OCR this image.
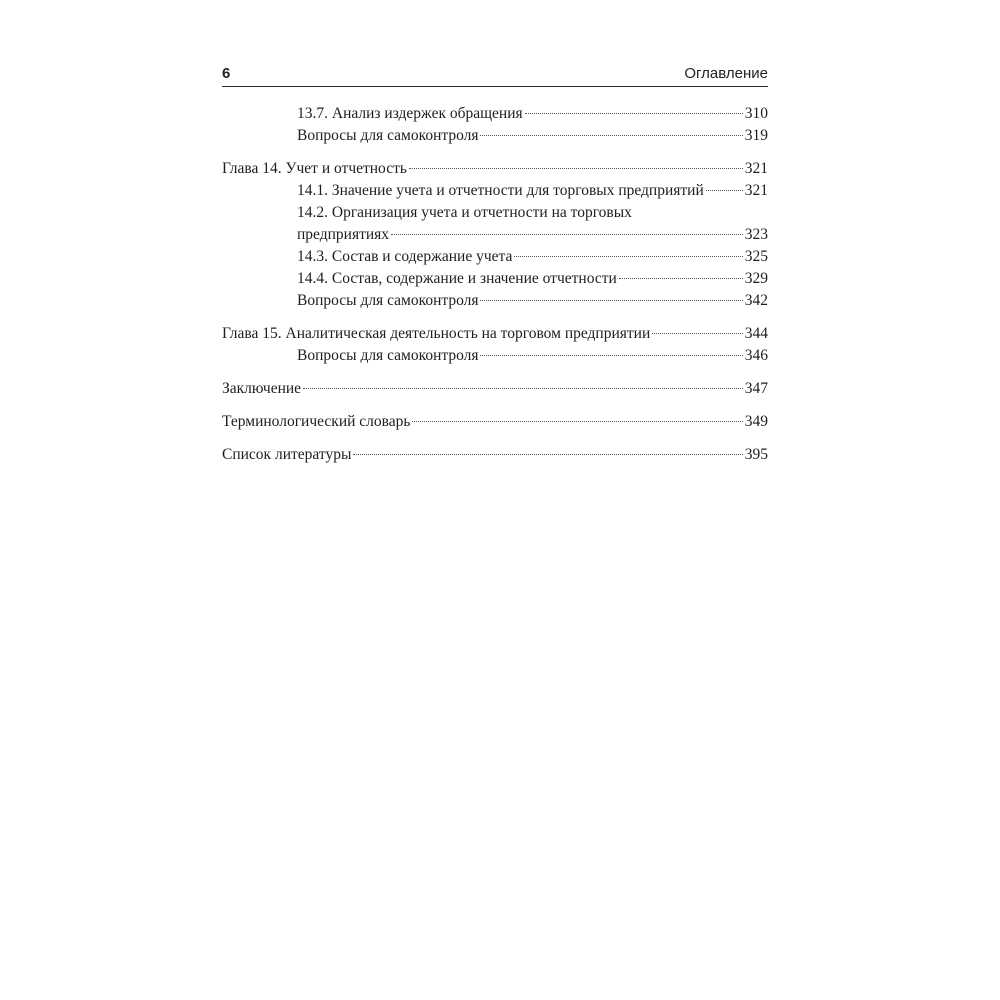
6	Оглавление
13.7. Анализ издержек обращения	310
Вопросы для самоконтроля	319
Глава 14. Учет и отчетность	321
14.1. Значение учета и отчетности для торговых предприятий	321
14.2. Организация учета и отчетности на торговых
предприятиях	323
14.3. Состав и содержание учета	325
14.4. Состав, содержание и значение отчетности	329
Вопросы для самоконтроля	342
Глава 15. Аналитическая деятельность на торговом предприятии	344
Вопросы для самоконтроля	346
Заключение	347
Терминологический словарь	349
Список литературы	395
